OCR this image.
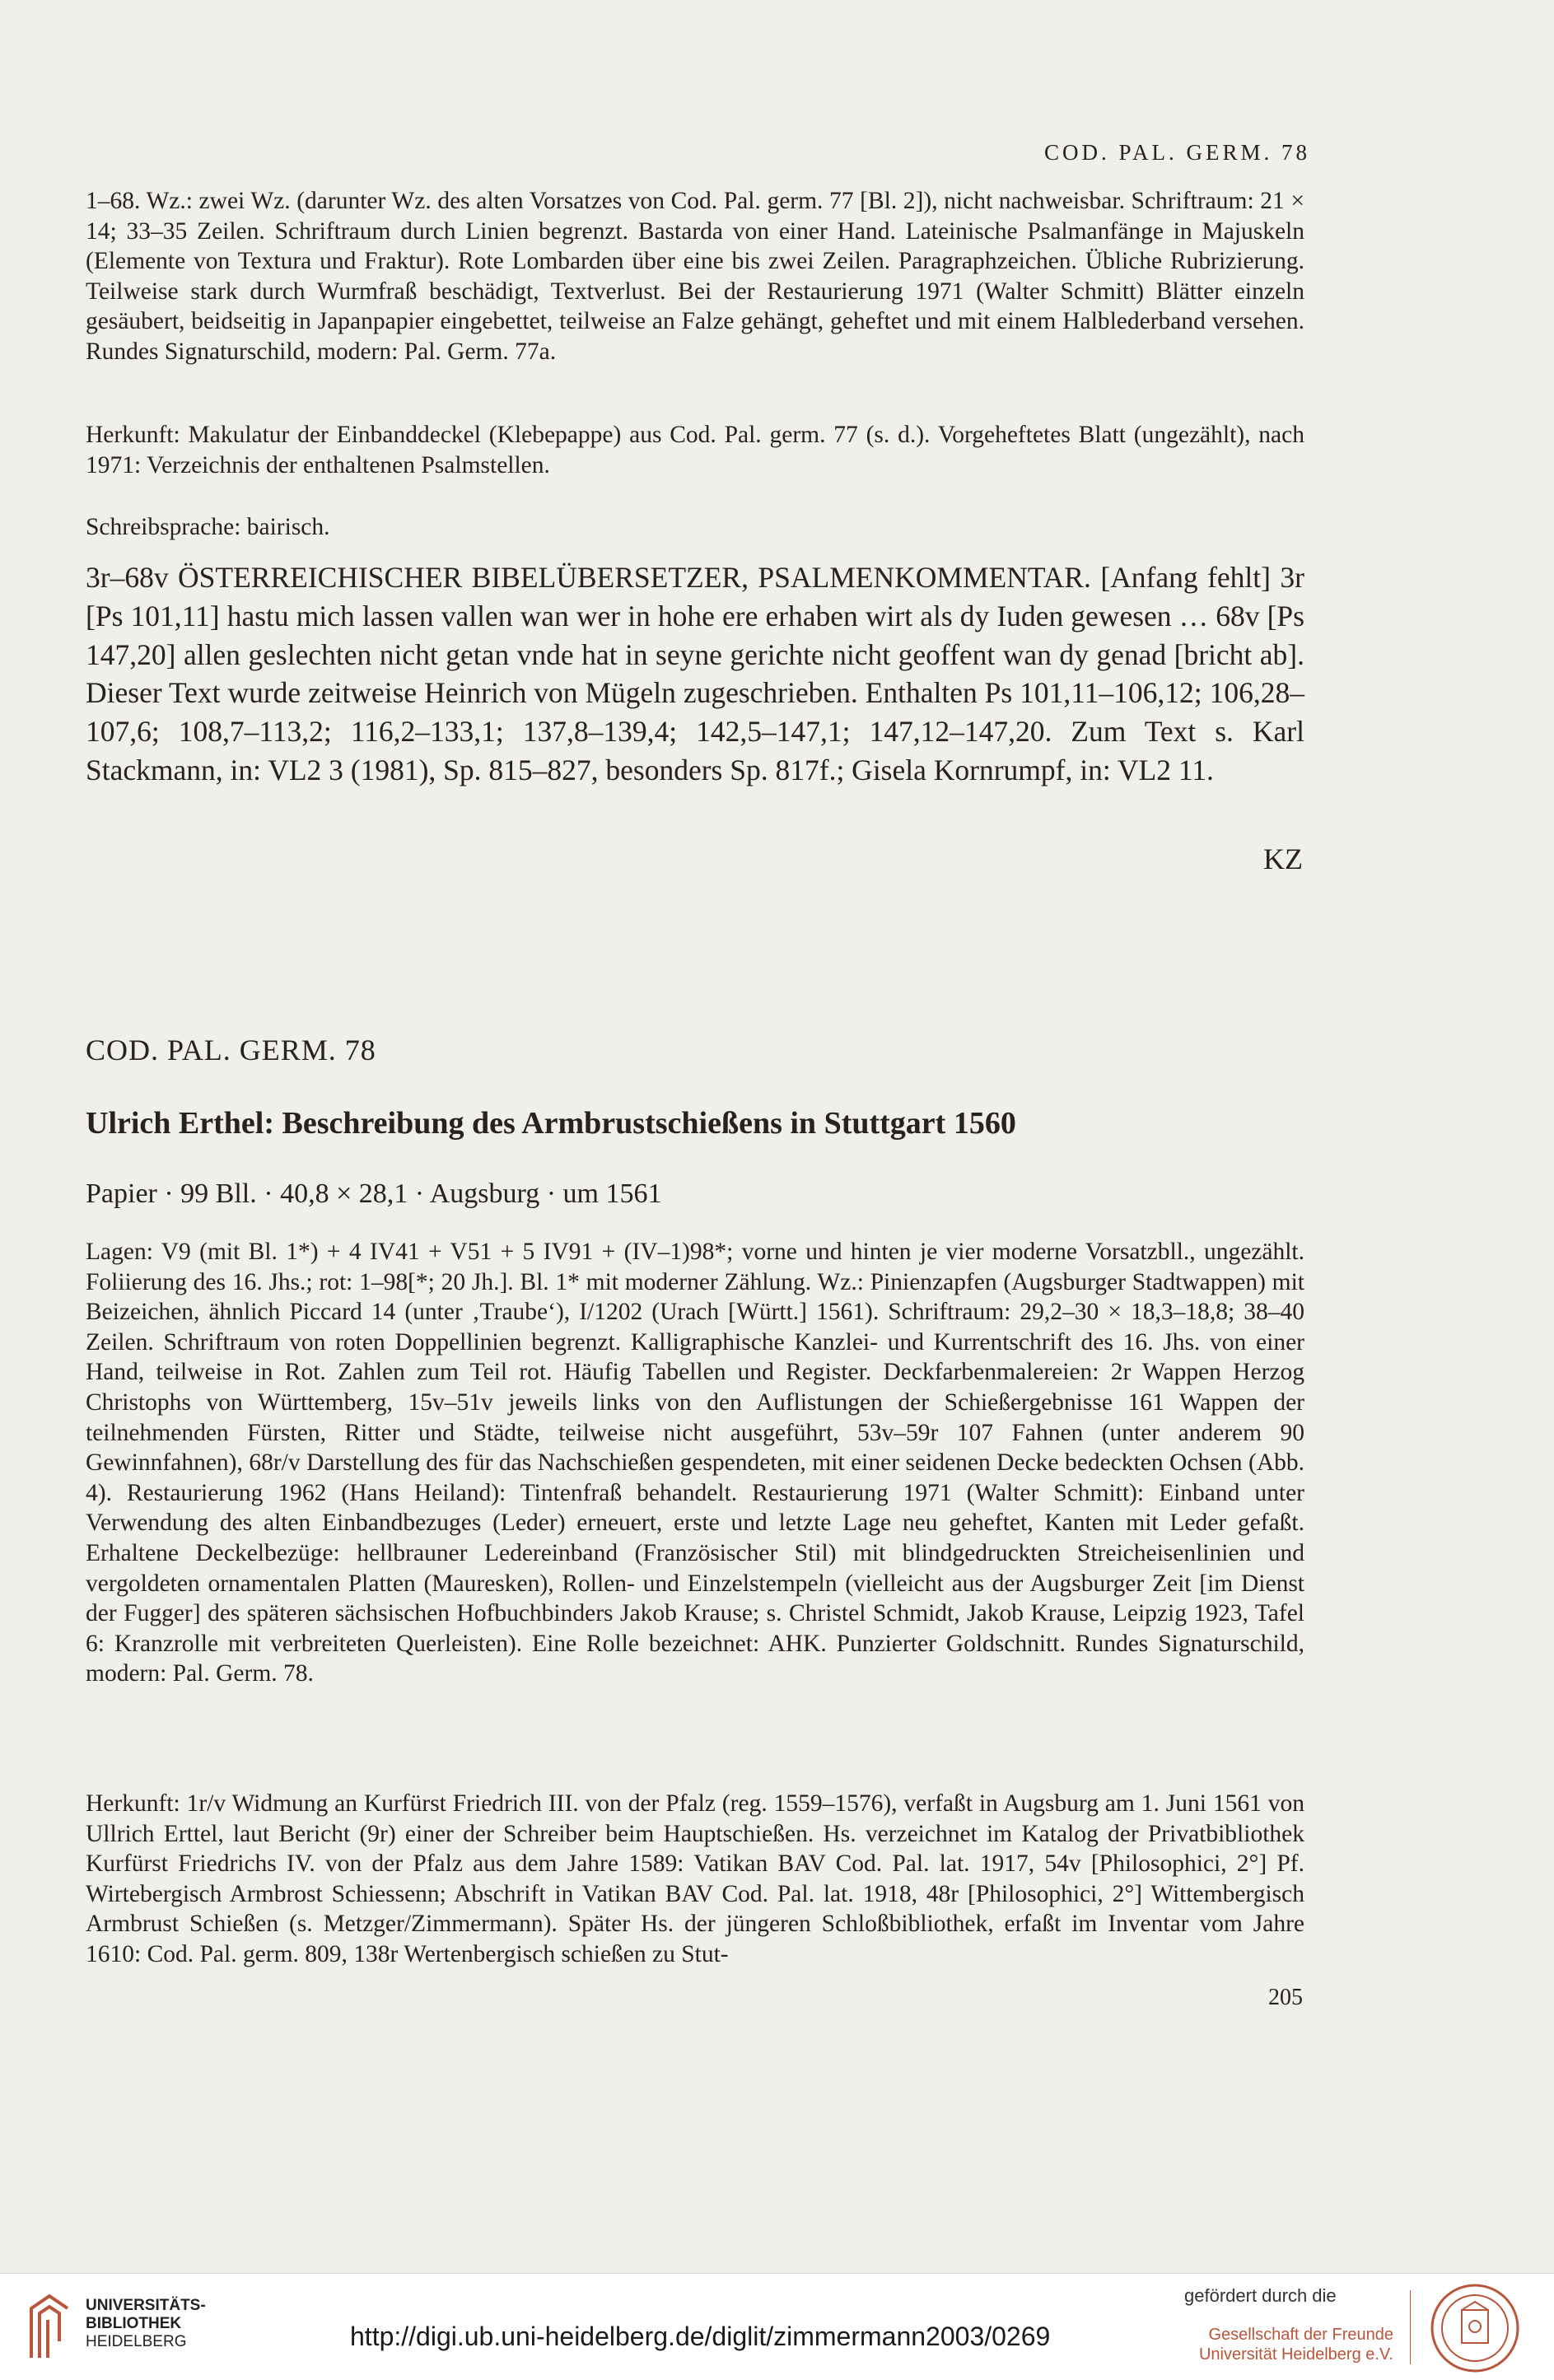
COD. PAL. GERM. 78

1–68. Wz.: zwei Wz. (darunter Wz. des alten Vorsatzes von Cod. Pal. germ. 77 [Bl. 2]), nicht nachweisbar. Schriftraum: 21 × 14; 33–35 Zeilen. Schriftraum durch Linien begrenzt. Bastarda von einer Hand. Lateinische Psalmanfänge in Majuskeln (Elemente von Textura und Fraktur). Rote Lombarden über eine bis zwei Zeilen. Paragraphzeichen. Übliche Rubrizierung. Teilweise stark durch Wurmfraß beschädigt, Textverlust. Bei der Restaurierung 1971 (Walter Schmitt) Blätter einzeln gesäubert, beidseitig in Japanpapier eingebettet, teilweise an Falze gehängt, geheftet und mit einem Halblederband versehen. Rundes Signaturschild, modern: Pal. Germ. 77a.

Herkunft: Makulatur der Einbanddeckel (Klebepappe) aus Cod. Pal. germ. 77 (s. d.). Vorgeheftetes Blatt (ungezählt), nach 1971: Verzeichnis der enthaltenen Psalmstellen.

Schreibsprache: bairisch.

3r–68v ÖSTERREICHISCHER BIBELÜBERSETZER, PSALMENKOMMENTAR. [Anfang fehlt] 3r [Ps 101,11] hastu mich lassen vallen wan wer in hohe ere erhaben wirt als dy Iuden gewesen … 68v [Ps 147,20] allen geslechten nicht getan vnde hat in seyne gerichte nicht geoffent wan dy genad [bricht ab]. Dieser Text wurde zeitweise Heinrich von Mügeln zugeschrieben. Enthalten Ps 101,11–106,12; 106,28–107,6; 108,7–113,2; 116,2–133,1; 137,8–139,4; 142,5–147,1; 147,12–147,20. Zum Text s. Karl Stackmann, in: VL2 3 (1981), Sp. 815–827, besonders Sp. 817f.; Gisela Kornrumpf, in: VL2 11.

KZ
COD. PAL. GERM. 78
Ulrich Erthel: Beschreibung des Armbrustschießens in Stuttgart 1560
Papier · 99 Bll. · 40,8 × 28,1 · Augsburg · um 1561

Lagen: V9 (mit Bl. 1*) + 4 IV41 + V51 + 5 IV91 + (IV–1)98*; vorne und hinten je vier moderne Vorsatzbll., ungezählt. Foliierung des 16. Jhs.; rot: 1–98[*; 20 Jh.]. Bl. 1* mit moderner Zählung. Wz.: Pinienzapfen (Augsburger Stadtwappen) mit Beizeichen, ähnlich Piccard 14 (unter ‚Traube‘), I/1202 (Urach [Württ.] 1561). Schriftraum: 29,2–30 × 18,3–18,8; 38–40 Zeilen. Schriftraum von roten Doppellinien begrenzt. Kalligraphische Kanzlei- und Kurrentschrift des 16. Jhs. von einer Hand, teilweise in Rot. Zahlen zum Teil rot. Häufig Tabellen und Register. Deckfarbenmalereien: 2r Wappen Herzog Christophs von Württemberg, 15v–51v jeweils links von den Auflistungen der Schießergebnisse 161 Wappen der teilnehmenden Fürsten, Ritter und Städte, teilweise nicht ausgeführt, 53v–59r 107 Fahnen (unter anderem 90 Gewinnfahnen), 68r/v Darstellung des für das Nachschießen gespendeten, mit einer seidenen Decke bedeckten Ochsen (Abb. 4). Restaurierung 1962 (Hans Heiland): Tintenfraß behandelt. Restaurierung 1971 (Walter Schmitt): Einband unter Verwendung des alten Einbandbezuges (Leder) erneuert, erste und letzte Lage neu geheftet, Kanten mit Leder gefaßt. Erhaltene Deckelbezüge: hellbrauner Ledereinband (Französischer Stil) mit blindgedruckten Streicheisenlinien und vergoldeten ornamentalen Platten (Mauresken), Rollen- und Einzelstempeln (vielleicht aus der Augsburger Zeit [im Dienst der Fugger] des späteren sächsischen Hofbuchbinders Jakob Krause; s. Christel Schmidt, Jakob Krause, Leipzig 1923, Tafel 6: Kranzrolle mit verbreiteten Querleisten). Eine Rolle bezeichnet: AHK. Punzierter Goldschnitt. Rundes Signaturschild, modern: Pal. Germ. 78.

Herkunft: 1r/v Widmung an Kurfürst Friedrich III. von der Pfalz (reg. 1559–1576), verfaßt in Augsburg am 1. Juni 1561 von Ullrich Erttel, laut Bericht (9r) einer der Schreiber beim Hauptschießen. Hs. verzeichnet im Katalog der Privatbibliothek Kurfürst Friedrichs IV. von der Pfalz aus dem Jahre 1589: Vatikan BAV Cod. Pal. lat. 1917, 54v [Philosophici, 2°] Pf. Wirtebergisch Armbrost Schiessenn; Abschrift in Vatikan BAV Cod. Pal. lat. 1918, 48r [Philosophici, 2°] Wittembergisch Armbrust Schießen (s. Metzger/Zimmermann). Später Hs. der jüngeren Schloßbibliothek, erfaßt im Inventar vom Jahre 1610: Cod. Pal. germ. 809, 138r Wertenbergisch schießen zu Stut-

205
UNIVERSITÄTS-
BIBLIOTHEK
HEIDELBERG	http://digi.ub.uni-heidelberg.de/diglit/zimmermann2003/0269
gefördert durch die
Gesellschaft der Freunde
Universität Heidelberg e.V.
